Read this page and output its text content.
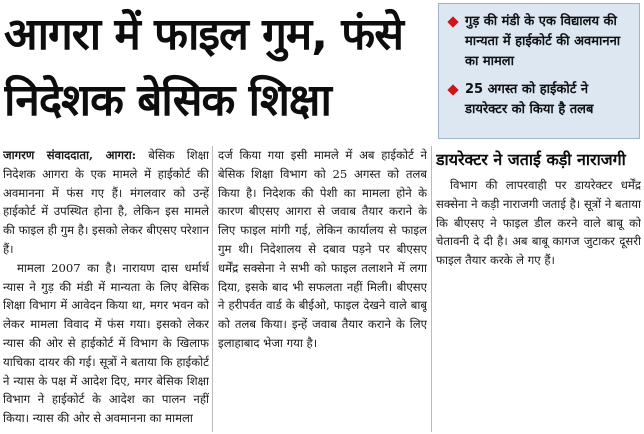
आगरा में फाइल गुम, फंसे
निदेशक बेसिक शिक्षा
गुड़ की मंडी के एक विद्यालय की मान्यता में हाईकोर्ट की अवमानना का मामला
25 अगस्त को हाईकोर्ट ने डायरेक्टर को किया है तलब

जागरण संवाददाता, आगरा: बेसिक शिक्षा निदेशक आगरा के एक मामले में हाईकोर्ट की अवमानना में फंस गए हैं। मंगलवार को उन्हें हाईकोर्ट में उपस्थित होना है, लेकिन इस मामले की फाइल ही गुम है। इसको लेकर बीएसए परेशान हैं।

मामला 2007 का है। नारायण दास धर्मार्थ न्यास ने गुड़ की मंडी में मान्यता के लिए बेसिक शिक्षा विभाग में आवेदन किया था, मगर भवन को लेकर मामला विवाद में फंस गया। इसको लेकर न्यास की ओर से हाईकोर्ट में विभाग के खिलाफ याचिका दायर की गई। सूत्रों ने बताया कि हाईकोर्ट ने न्यास के पक्ष में आदेश दिए, मगर बेसिक शिक्षा विभाग ने हाईकोर्ट के आदेश का पालन नहीं किया। न्यास की ओर से अवमानना का मामला

दर्ज किया गया इसी मामले में अब हाईकोर्ट ने बेसिक शिक्षा विभाग को 25 अगस्त को तलब किया है। निदेशक की पेशी का मामला होने के कारण बीएसए आगरा से जवाब तैयार कराने के लिए फाइल मांगी गई, लेकिन कार्यालय से फाइल गुम थी। निदेशालय से दबाव पड़ने पर बीएसए धर्मेंद्र सक्सेना ने सभी को फाइल तलाशने में लगा दिया, इसके बाद भी सफलता नहीं मिली। बीएसए ने हरीपर्वत वार्ड के बीईओ, फाइल देखने वाले बाबू को तलब किया। इन्हें जवाब तैयार कराने के लिए इलाहाबाद भेजा गया है।

डायरेक्टर ने जताई कड़ी नाराजगी

विभाग की लापरवाही पर डायरेक्टर धर्मेंद्र सक्सेना ने कड़ी नाराजगी जताई है। सूत्रों ने बताया कि बीएसए ने फाइल डील करने वाले बाबू को चेतावनी दे दी है। अब बाबू कागज जुटाकर दूसरी फाइल तैयार करके ले गए हैं।
